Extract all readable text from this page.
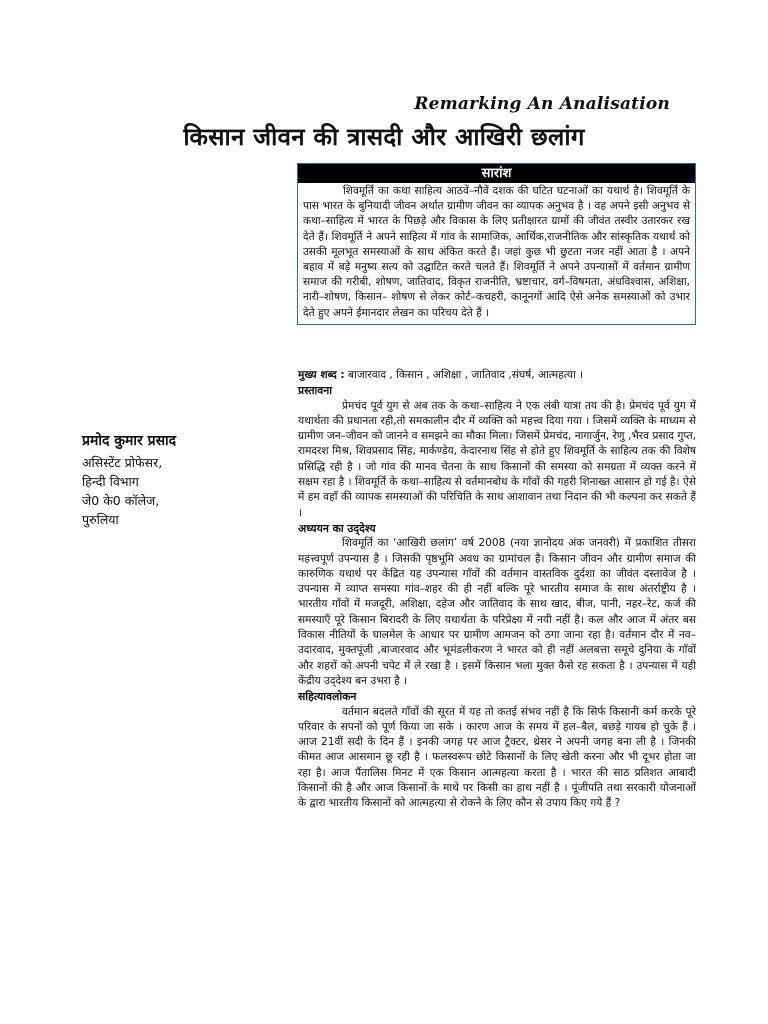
Remarking An Analisation
किसान जीवन की त्रासदी और आखिरी छलांग
सारांश
शिवमूर्ति का कथा साहित्य आठवें–नौवें दशक की घटित घटनाओं का यथार्थ है। शिवमूर्ति के पास भारत के बुनियादी जीवन अर्थात ग्रामीण जीवन का व्यापक अनुभव है । वह अपने इसी अनुभव से कथा–साहित्य में भारत के पिछड़े और विकास के लिए प्रतीक्षारत ग्रामों की जीवंत तस्वीर उतारकर रख देते हैं। शिवमूर्ति ने अपने साहित्य में गांव के सामाजिक, आर्थिक,राजनीतिक और सांस्कृतिक यथार्थ को उसकी मूलभूत समस्याओं के साथ अंकित करते हैं। जहां कुछ भी छुटता नजर नहीं आता है । अपने बहाव में बड़े मनुष्य सत्य को उद्घाटित करते चलते हैं। शिवमूर्ति ने अपने उपन्यासों में वर्तमान ग्रामीण समाज की गरीबी, शोषण, जातिवाद, विकृत राजनीति, भ्रष्टाचार, वर्ग–विषमता, अंधविश्वास, अशिक्षा, नारी–शोषण, किसान– शोषण से लेकर कोर्ट–कचहरी, कानूनगों आदि ऐसे अनेक समस्याओं को उभार देते हुए अपने ईमानदार लेखन का परिचय देते हैं ।
प्रमोद कुमार प्रसाद
असिस्टेंट प्रोफेसर,
हिन्दी विभाग
जे0 के0 कॉलेज,
पुरुलिया

मुख्य शब्द : बाजारवाद , किसान , अशिक्षा , जातिवाद ,संघर्ष, आत्महत्या ।

प्रस्तावना

प्रेमचंद पूर्व युग से अब तक के कथा–साहित्य ने एक लंबी यात्रा तय की है। प्रेमचंद पूर्व युग में यथार्थता की प्रधानता रही,तो समकालीन दौर में व्यक्ति को महत्त्व दिया गया । जिसमें व्यक्ति के माध्यम से ग्रामीण जन–जीवन को जानने व समझने का मौका मिला। जिसमें प्रेमचंद, नागार्जुन, रेणु ,भैरव प्रसाद गुप्त, रामदरश मिश्र, शिवप्रसाद सिंह, मार्कण्डेय, केदारनाथ सिंह से होते हुए शिवमूर्ति के साहित्य तक की विशेष प्रसिद्धि रही है । जो गांव की मानव चेतना के साथ किसानों की समस्या को समग्रता में व्यक्त करने में सक्षम रहा है । शिवमूर्ति के कथा–साहित्य से वर्तमानबोध के गाँवों की गहरी शिनाख्त आसान हो गई है। ऐसे में हम वहाँ की व्यापक समस्याओं की परिचिति के साथ आशावान तथा निदान की भी कल्पना कर सकते हैं ।

अध्ययन का उद्‌देश्य

शिवमूर्ति का ‘आखिरी छलांग’ वर्ष 2008 (नया ज्ञानोदय अंक जनवरी) में प्रकाशित तीसरा महत्त्वपूर्ण उपन्यास है । जिसकी पृष्ठभूमि अवध का ग्रामांचल है। किसान जीवन और ग्रामीण समाज की कारुणिक यथार्थ पर केंद्रित यह उपन्यास गाँवों की वर्तमान वास्तविक दुर्दशा का जीवंत दस्तावेज है । उपन्यास में व्याप्त समस्या गांव–शहर की ही नहीं बल्कि पूरे भारतीय समाज के साथ अंतर्राष्ट्रीय है । भारतीय गाँवों में मजदूरी, अशिक्षा, दहेज और जातिवाद के साथ खाद, बीज, पानी, नहर–रेट, कर्ज की समस्याएँ पूरे किसान बिरादरी के लिए यथार्थता के परिप्रेक्ष्य में नयी नहीं है। कल और आज में अंतर बस विकास नीतियों के घालमेल के आधार पर ग्रामीण आमजन को ठगा जाना रहा है। वर्तमान दौर में नव–उदारवाद, मुक्तपूंजी ,बाजारवाद और भूमंडलीकरण ने भारत को ही नहीं अलबत्ता समूचे दुनिया के गाँवों और शहरों को अपनी चपेट में ले रखा है । इसमें किसान भला मुक्त कैसे रह सकता है । उपन्यास में यही केंद्रीय उद्‌देश्य बन उभरा है ।

सहित्यावलोकन

वर्तमान बदलते गाँवों की सूरत में यह तो कतई संभव नहीं है कि सिर्फ किसानी कर्म करके पूरे परिवार के सपनों को पूर्ण किया जा सके । कारण आज के समय में हल–बैल, बछड़े गायब हो चुके हैं । आज 21वीं सदी के दिन हैं । इनकी जगह पर आज ट्रैक्टर, थ्रेसर ने अपनी जगह बना ली है । जिनकी कीमत आज आसमान छू रही है । फलस्वरूप छोटे किसानों के लिए खेती करना और भी दूभर होता जा रहा है। आज पैंतालिस मिनट में एक किसान आत्महत्या करता है । भारत की साठ प्रतिशत आबादी किसानों की है और आज किसानों के माथे पर किसी का हाथ नहीं है । पूंजीपति तथा सरकारी योजनाओं के द्वारा भारतीय किसानों को आत्महत्या से रोकने के लिए कौन से उपाय किए गये हैं ?
